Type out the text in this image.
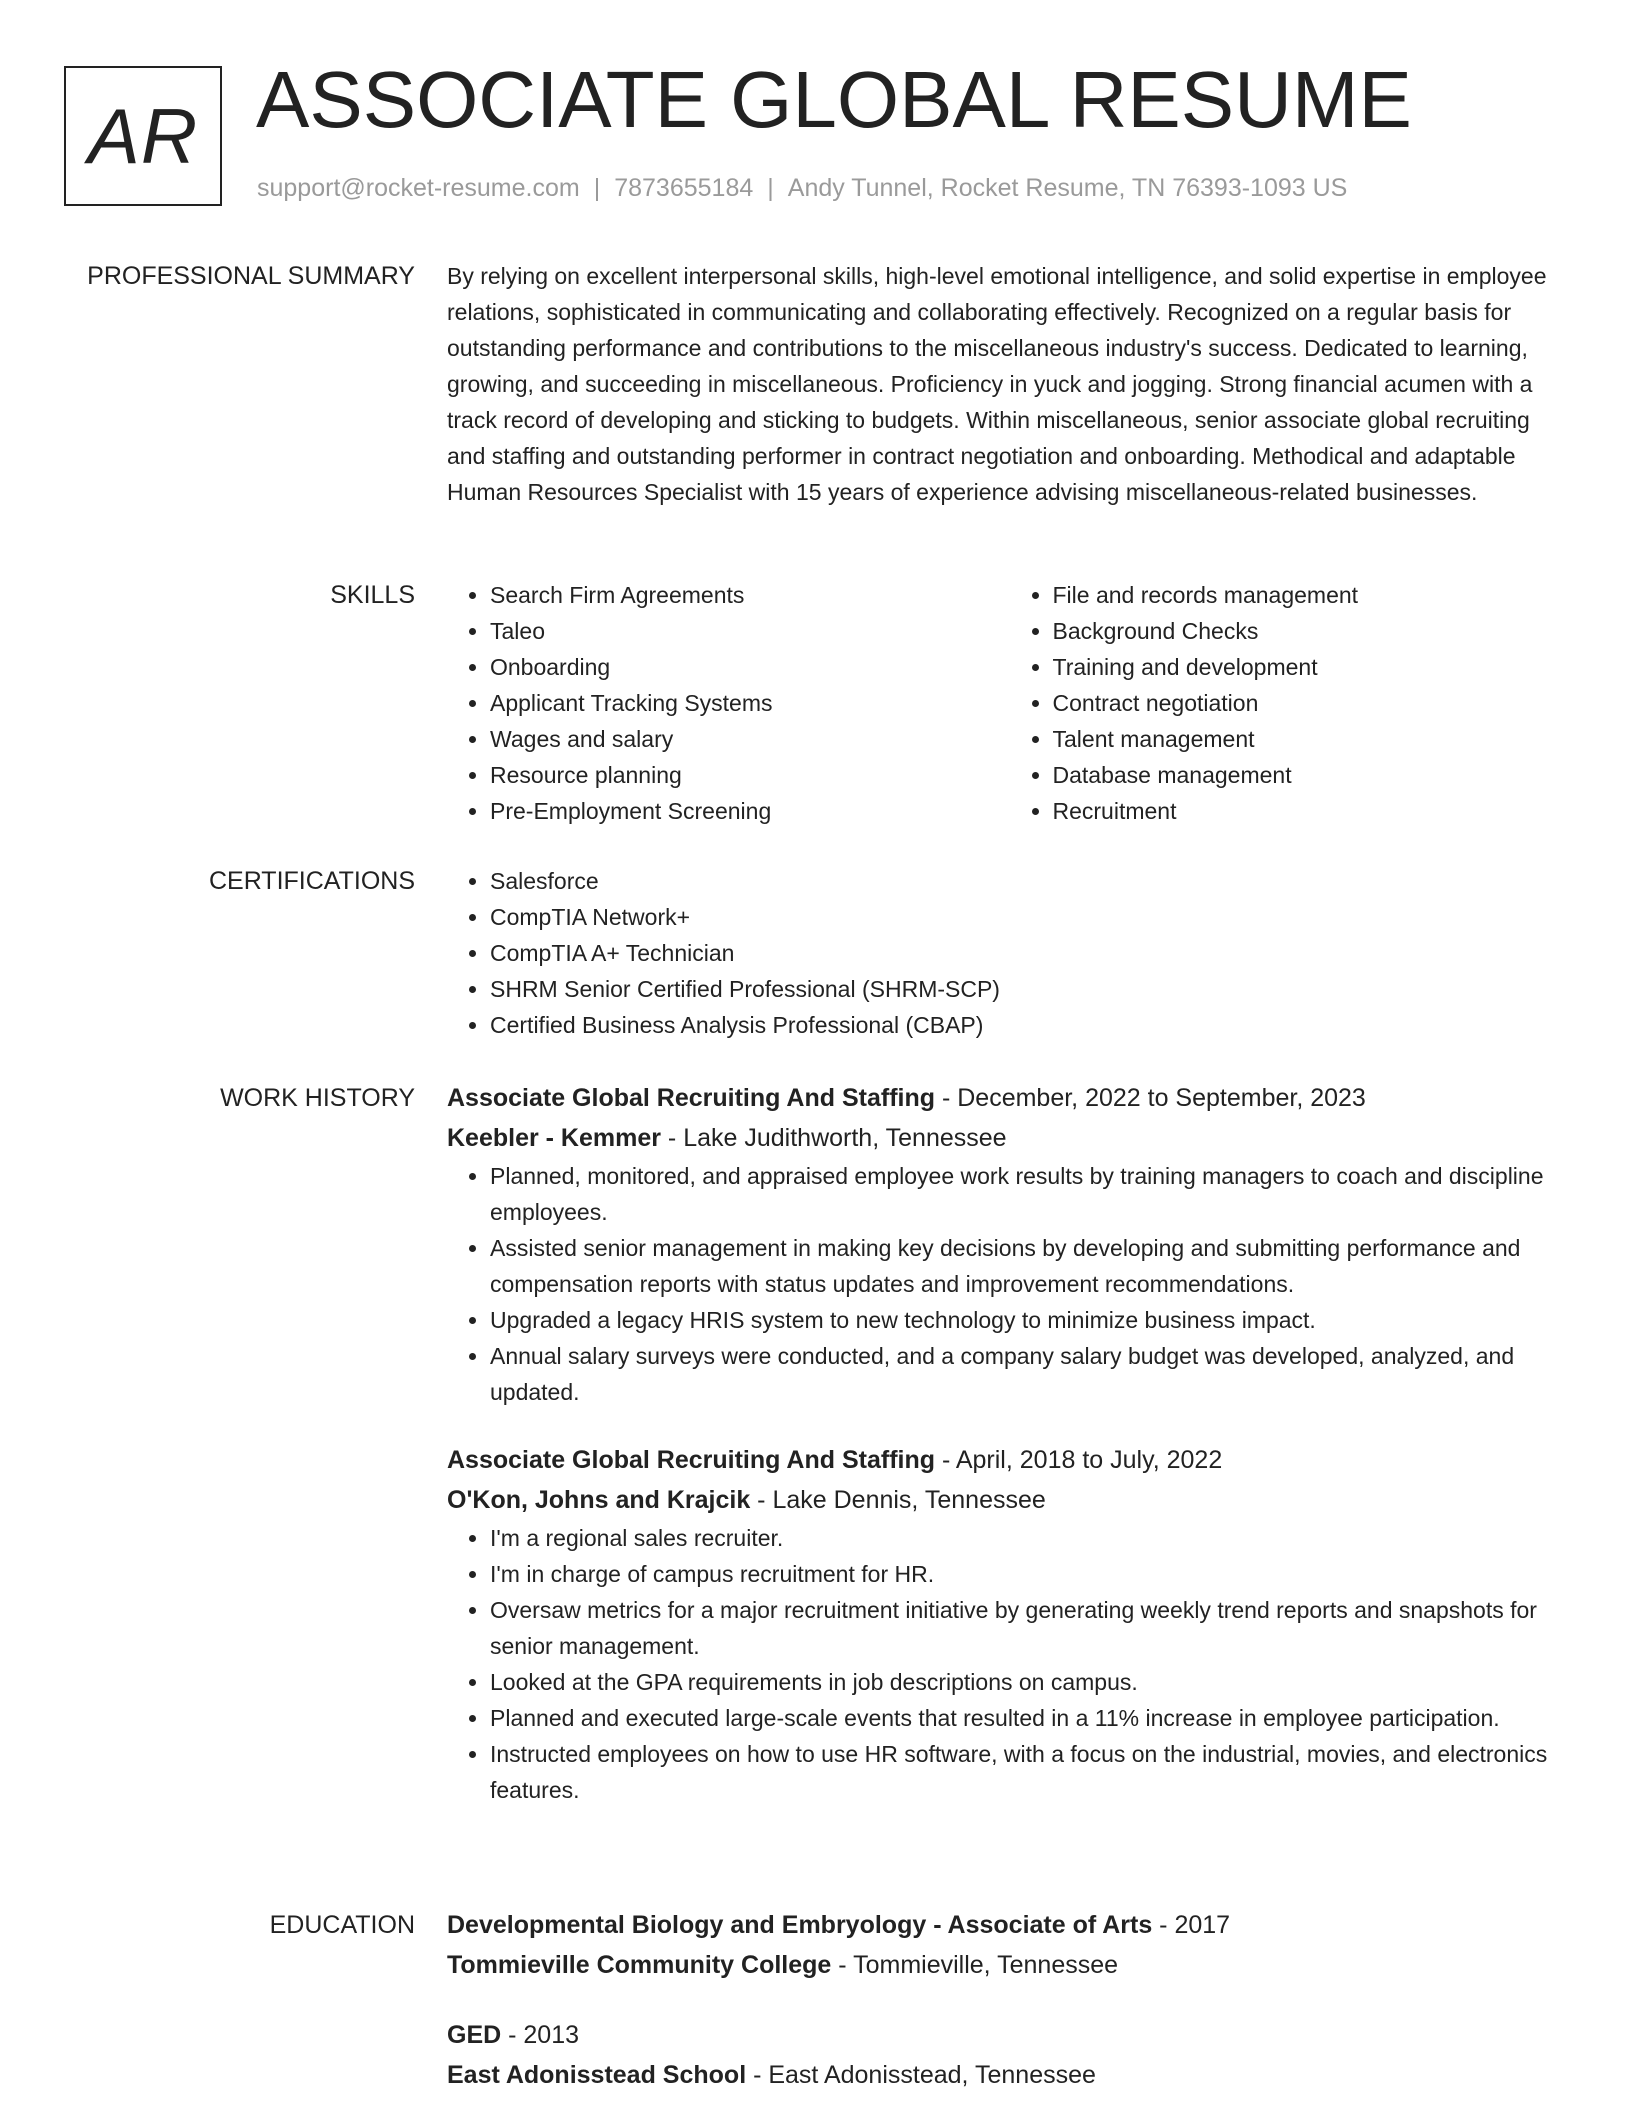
AR ASSOCIATE GLOBAL RESUME
support@rocket-resume.com | 7873655184 | Andy Tunnel, Rocket Resume, TN 76393-1093 US
PROFESSIONAL SUMMARY By relying on excellent interpersonal skills, high-level emotional intelligence, and solid expertise in employee relations, sophisticated in communicating and collaborating effectively. Recognized on a regular basis for outstanding performance and contributions to the miscellaneous industry's success. Dedicated to learning, growing, and succeeding in miscellaneous. Proficiency in yuck and jogging. Strong financial acumen with a track record of developing and sticking to budgets. Within miscellaneous, senior associate global recruiting and staffing and outstanding performer in contract negotiation and onboarding. Methodical and adaptable Human Resources Specialist with 15 years of experience advising miscellaneous-related businesses.

SKILLS	• Search Firm Agreements
• Taleo
• Onboarding
• Applicant Tracking Systems
• Wages and salary
• Resource planning
• Pre-Employment Screening
• File and records management
• Background Checks
• Training and development
• Contract negotiation
• Talent management
• Database management
• Recruitment
CERTIFICATIONS	• Salesforce
• CompTIA Network+
• CompTIA A+ Technician
• SHRM Senior Certified Professional (SHRM-SCP)
• Certified Business Analysis Professional (CBAP)
WORK HISTORY Associate Global Recruiting And Staffing - December, 2022 to September, 2023
Keebler - Kemmer - Lake Judithworth, Tennessee
• Planned, monitored, and appraised employee work results by training managers to coach and discipline employees.
• Assisted senior management in making key decisions by developing and submitting performance and compensation reports with status updates and improvement recommendations.
• Upgraded a legacy HRIS system to new technology to minimize business impact.
• Annual salary surveys were conducted, and a company salary budget was developed, analyzed, and updated.
Associate Global Recruiting And Staffing - April, 2018 to July, 2022
O'Kon, Johns and Krajcik - Lake Dennis, Tennessee
• I'm a regional sales recruiter.
• I'm in charge of campus recruitment for HR.
• Oversaw metrics for a major recruitment initiative by generating weekly trend reports and snapshots for senior management.
• Looked at the GPA requirements in job descriptions on campus.
• Planned and executed large-scale events that resulted in a 11% increase in employee participation.
• Instructed employees on how to use HR software, with a focus on the industrial, movies, and electronics features.
EDUCATION Developmental Biology and Embryology - Associate of Arts - 2017
Tommieville Community College - Tommieville, Tennessee
GED - 2013
East Adonisstead School - East Adonisstead, Tennessee
